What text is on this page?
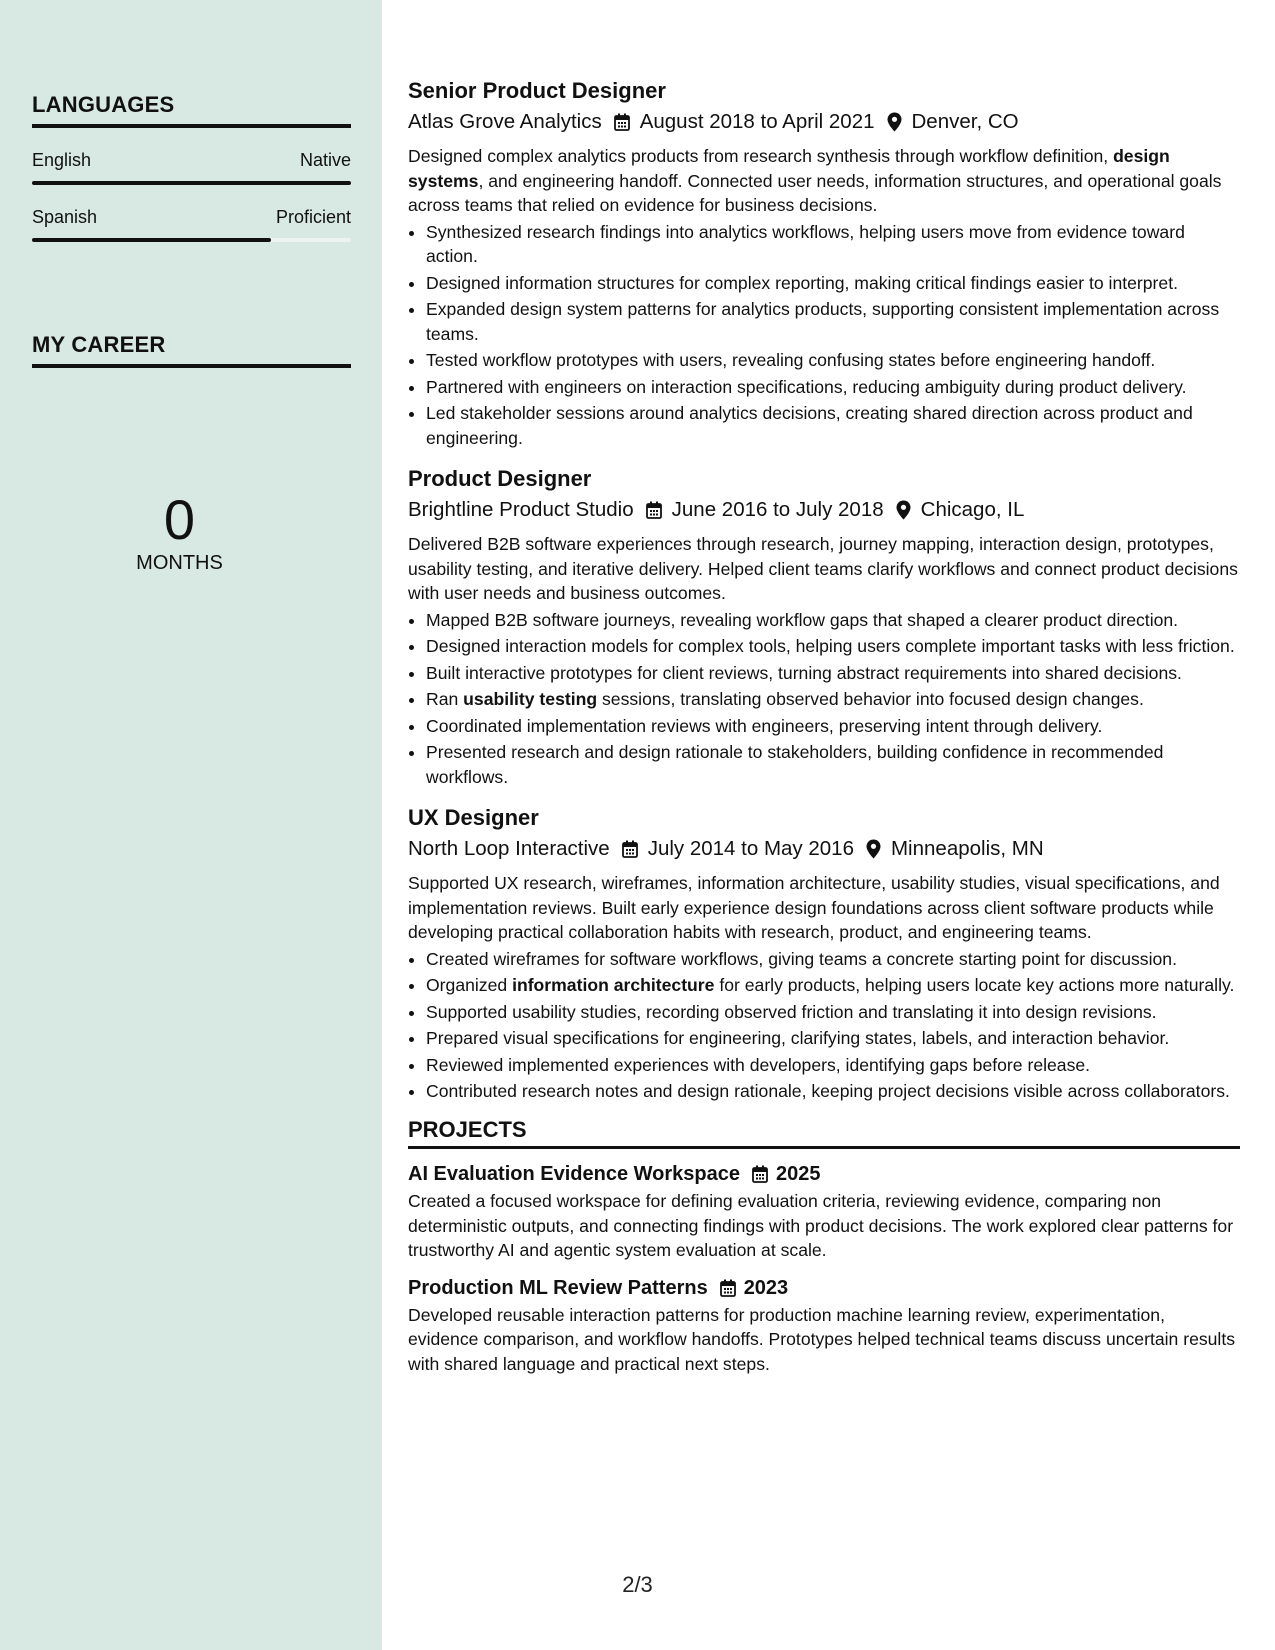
LANGUAGES
English	Native
Spanish	Proficient
MY CAREER
0
MONTHS
Senior Product Designer
Atlas Grove Analytics August 2018 to April 2021 Denver, CO

Designed complex analytics products from research synthesis through workflow definition, design systems, and engineering handoff. Connected user needs, information structures, and operational goals across teams that relied on evidence for business decisions.

• Synthesized research findings into analytics workflows, helping users move from evidence toward action.
• Designed information structures for complex reporting, making critical findings easier to interpret.
• Expanded design system patterns for analytics products, supporting consistent implementation across teams.
• Tested workflow prototypes with users, revealing confusing states before engineering handoff.
• Partnered with engineers on interaction specifications, reducing ambiguity during product delivery.
• Led stakeholder sessions around analytics decisions, creating shared direction across product and engineering.
Product Designer
Brightline Product Studio June 2016 to July 2018 Chicago, IL

Delivered B2B software experiences through research, journey mapping, interaction design, prototypes, usability testing, and iterative delivery. Helped client teams clarify workflows and connect product decisions with user needs and business outcomes.

• Mapped B2B software journeys, revealing workflow gaps that shaped a clearer product direction.
• Designed interaction models for complex tools, helping users complete important tasks with less friction.
• Built interactive prototypes for client reviews, turning abstract requirements into shared decisions.
• Ran usability testing sessions, translating observed behavior into focused design changes.
• Coordinated implementation reviews with engineers, preserving intent through delivery.
• Presented research and design rationale to stakeholders, building confidence in recommended workflows.
UX Designer
North Loop Interactive July 2014 to May 2016 Minneapolis, MN

Supported UX research, wireframes, information architecture, usability studies, visual specifications, and implementation reviews. Built early experience design foundations across client software products while developing practical collaboration habits with research, product, and engineering teams.

• Created wireframes for software workflows, giving teams a concrete starting point for discussion.
• Organized information architecture for early products, helping users locate key actions more naturally.
• Supported usability studies, recording observed friction and translating it into design revisions.
• Prepared visual specifications for engineering, clarifying states, labels, and interaction behavior.
• Reviewed implemented experiences with developers, identifying gaps before release.
• Contributed research notes and design rationale, keeping project decisions visible across collaborators.
PROJECTS
AI Evaluation Evidence Workspace 2025

Created a focused workspace for defining evaluation criteria, reviewing evidence, comparing non deterministic outputs, and connecting findings with product decisions. The work explored clear patterns for trustworthy AI and agentic system evaluation at scale.

Production ML Review Patterns 2023

Developed reusable interaction patterns for production machine learning review, experimentation, evidence comparison, and workflow handoffs. Prototypes helped technical teams discuss uncertain results with shared language and practical next steps.

2/3
